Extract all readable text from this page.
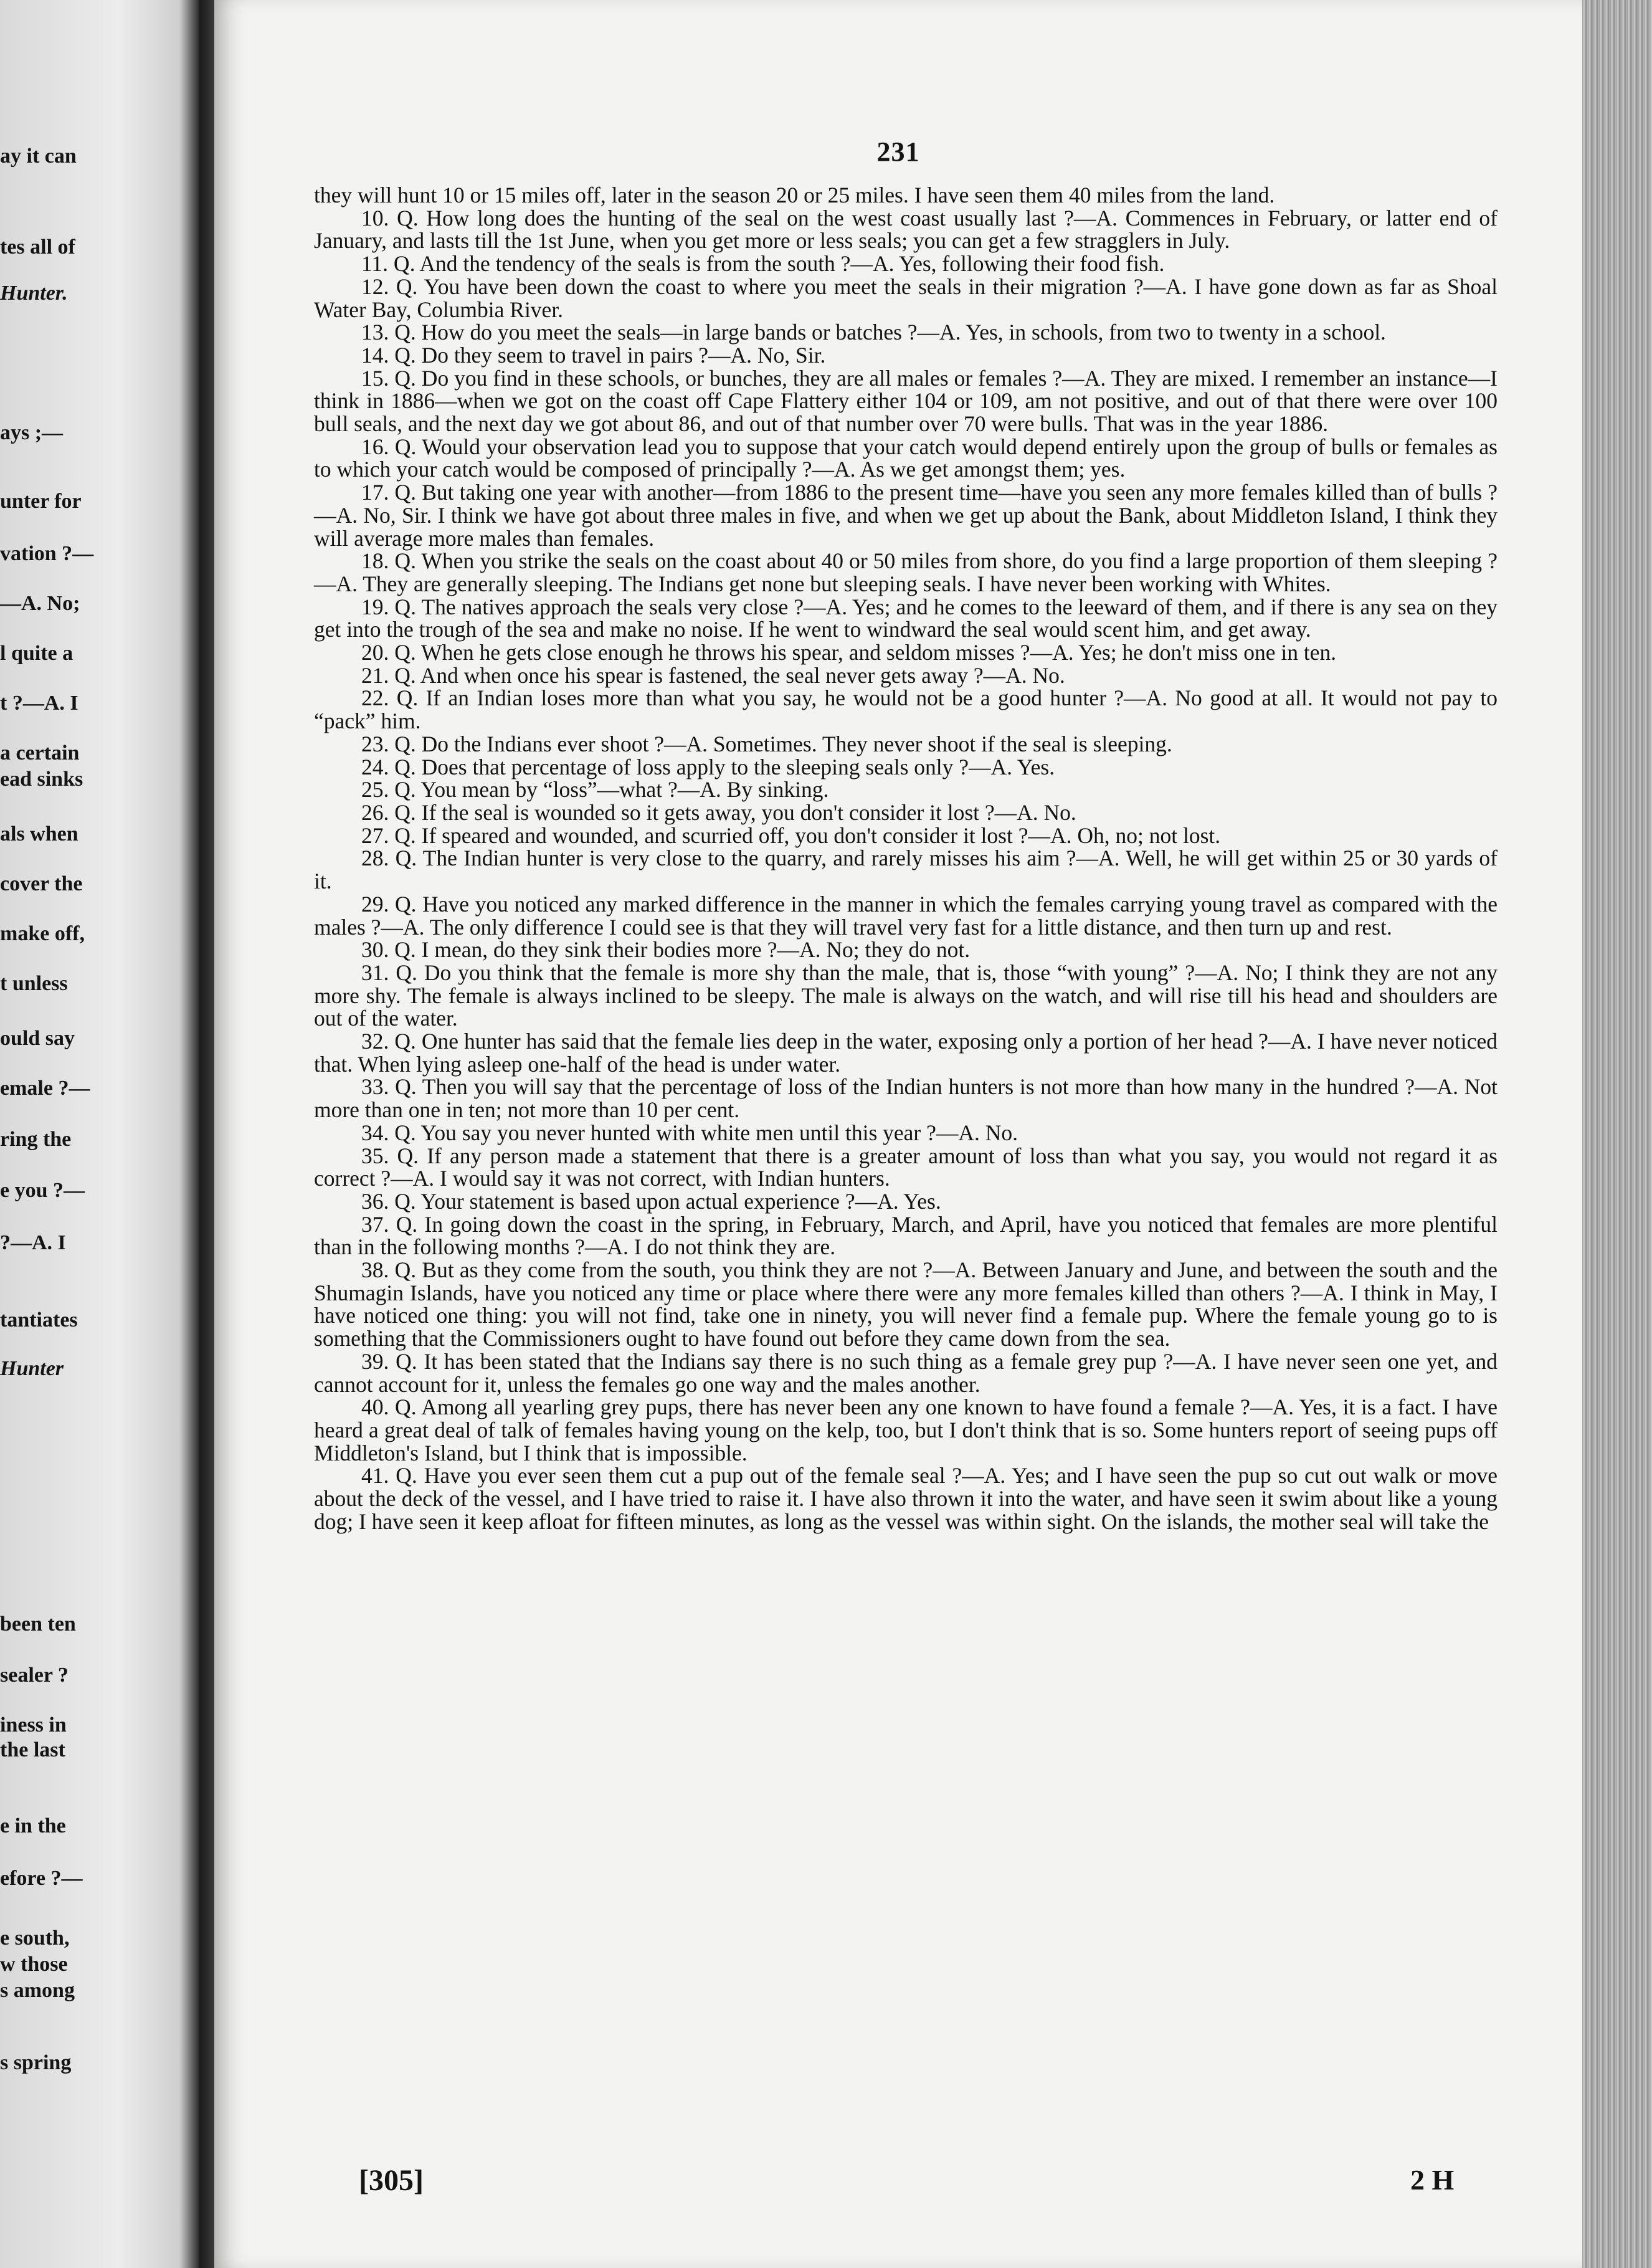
ay it can
tes all of
Hunter.
ays ;—
unter for
vation ?—
—A. No;
l quite a
t ?—A. I
a certain
ead sinks
als when
cover the
make off,
t unless
ould say
emale ?—
ring the
e you ?—
?—A. I
tantiates
Hunter
been ten
sealer ?
iness in
the last
e in the
efore ?—
e south,
w those
s among
s spring
231

they will hunt 10 or 15 miles off, later in the season 20 or 25 miles. I have seen them 40 miles from the land.

10. Q. How long does the hunting of the seal on the west coast usually last ?—A. Commences in February, or latter end of January, and lasts till the 1st June, when you get more or less seals; you can get a few stragglers in July.

11. Q. And the tendency of the seals is from the south ?—A. Yes, following their food fish.

12. Q. You have been down the coast to where you meet the seals in their migration ?—A. I have gone down as far as Shoal Water Bay, Columbia River.

13. Q. How do you meet the seals—in large bands or batches ?—A. Yes, in schools, from two to twenty in a school.

14. Q. Do they seem to travel in pairs ?—A. No, Sir.

15. Q. Do you find in these schools, or bunches, they are all males or females ?—A. They are mixed. I remember an instance—I think in 1886—when we got on the coast off Cape Flattery either 104 or 109, am not positive, and out of that there were over 100 bull seals, and the next day we got about 86, and out of that number over 70 were bulls. That was in the year 1886.

16. Q. Would your observation lead you to suppose that your catch would depend entirely upon the group of bulls or females as to which your catch would be composed of principally ?—A. As we get amongst them; yes.

17. Q. But taking one year with another—from 1886 to the present time—have you seen any more females killed than of bulls ?—A. No, Sir. I think we have got about three males in five, and when we get up about the Bank, about Middleton Island, I think they will average more males than females.

18. Q. When you strike the seals on the coast about 40 or 50 miles from shore, do you find a large proportion of them sleeping ?—A. They are generally sleeping. The Indians get none but sleeping seals. I have never been working with Whites.

19. Q. The natives approach the seals very close ?—A. Yes; and he comes to the leeward of them, and if there is any sea on they get into the trough of the sea and make no noise. If he went to windward the seal would scent him, and get away.

20. Q. When he gets close enough he throws his spear, and seldom misses ?—A. Yes; he don't miss one in ten.

21. Q. And when once his spear is fastened, the seal never gets away ?—A. No.

22. Q. If an Indian loses more than what you say, he would not be a good hunter ?—A. No good at all. It would not pay to “pack” him.

23. Q. Do the Indians ever shoot ?—A. Sometimes. They never shoot if the seal is sleeping.

24. Q. Does that percentage of loss apply to the sleeping seals only ?—A. Yes.

25. Q. You mean by “loss”—what ?—A. By sinking.

26. Q. If the seal is wounded so it gets away, you don't consider it lost ?—A. No.

27. Q. If speared and wounded, and scurried off, you don't consider it lost ?—A. Oh, no; not lost.

28. Q. The Indian hunter is very close to the quarry, and rarely misses his aim ?—A. Well, he will get within 25 or 30 yards of it.

29. Q. Have you noticed any marked difference in the manner in which the females carrying young travel as compared with the males ?—A. The only difference I could see is that they will travel very fast for a little distance, and then turn up and rest.

30. Q. I mean, do they sink their bodies more ?—A. No; they do not.

31. Q. Do you think that the female is more shy than the male, that is, those “with young” ?—A. No; I think they are not any more shy. The female is always inclined to be sleepy. The male is always on the watch, and will rise till his head and shoulders are out of the water.

32. Q. One hunter has said that the female lies deep in the water, exposing only a portion of her head ?—A. I have never noticed that. When lying asleep one-half of the head is under water.

33. Q. Then you will say that the percentage of loss of the Indian hunters is not more than how many in the hundred ?—A. Not more than one in ten; not more than 10 per cent.

34. Q. You say you never hunted with white men until this year ?—A. No.

35. Q. If any person made a statement that there is a greater amount of loss than what you say, you would not regard it as correct ?—A. I would say it was not correct, with Indian hunters.

36. Q. Your statement is based upon actual experience ?—A. Yes.

37. Q. In going down the coast in the spring, in February, March, and April, have you noticed that females are more plentiful than in the following months ?—A. I do not think they are.

38. Q. But as they come from the south, you think they are not ?—A. Between January and June, and between the south and the Shumagin Islands, have you noticed any time or place where there were any more females killed than others ?—A. I think in May, I have noticed one thing: you will not find, take one in ninety, you will never find a female pup. Where the female young go to is something that the Commissioners ought to have found out before they came down from the sea.

39. Q. It has been stated that the Indians say there is no such thing as a female grey pup ?—A. I have never seen one yet, and cannot account for it, unless the females go one way and the males another.

40. Q. Among all yearling grey pups, there has never been any one known to have found a female ?—A. Yes, it is a fact. I have heard a great deal of talk of females having young on the kelp, too, but I don't think that is so. Some hunters report of seeing pups off Middleton's Island, but I think that is impossible.

41. Q. Have you ever seen them cut a pup out of the female seal ?—A. Yes; and I have seen the pup so cut out walk or move about the deck of the vessel, and I have tried to raise it. I have also thrown it into the water, and have seen it swim about like a young dog; I have seen it keep afloat for fifteen minutes, as long as the vessel was within sight. On the islands, the mother seal will take the

[305]	2 H
